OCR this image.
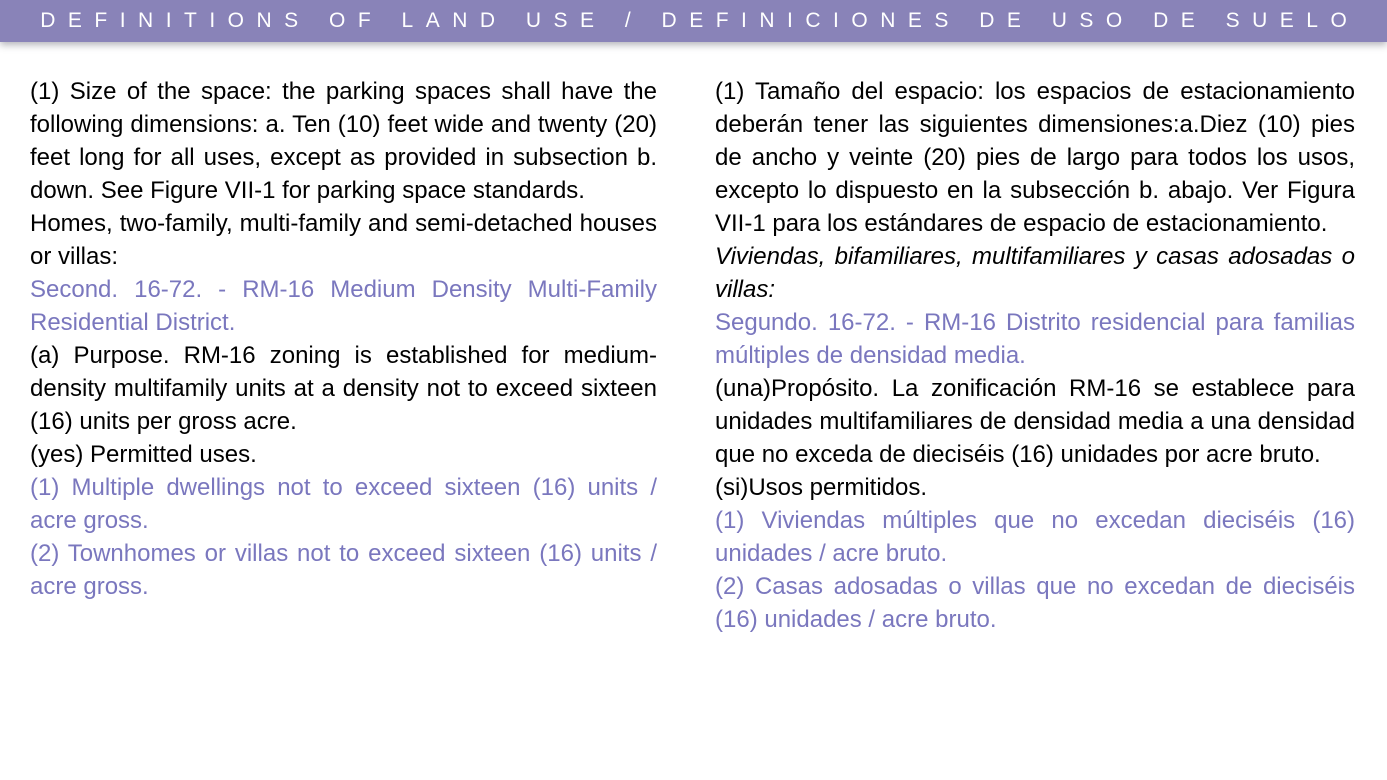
DEFINITIONS OF LAND USE / DEFINICIONES DE USO DE SUELO

(1) Size of the space: the parking spaces shall have the following dimensions: a. Ten (10) feet wide and twenty (20) feet long for all uses, except as provided in subsection b. down. See Figure VII-1 for parking space standards.

Homes, two-family, multi-family and semi-detached houses or villas:

Second. 16-72. - RM-16 Medium Density Multi-Family Residential District.

(a) Purpose. RM-16 zoning is established for medium-density multifamily units at a density not to exceed sixteen (16) units per gross acre.

(yes) Permitted uses.

(1) Multiple dwellings not to exceed sixteen (16) units / acre gross.

(2) Townhomes or villas not to exceed sixteen (16) units / acre gross.

(1) Tamaño del espacio: los espacios de estacionamiento deberán tener las siguientes dimensiones:a.Diez (10) pies de ancho y veinte (20) pies de largo para todos los usos, excepto lo dispuesto en la subsección b. abajo. Ver Figura VII-1 para los estándares de espacio de estacionamiento.

Viviendas, bifamiliares, multifamiliares y casas adosadas o villas:

Segundo. 16-72. - RM-16 Distrito residencial para familias múltiples de densidad media.

(una)Propósito. La zonificación RM-16 se establece para unidades multifamiliares de densidad media a una densidad que no exceda de dieciséis (16) unidades por acre bruto.

(si)Usos permitidos.

(1) Viviendas múltiples que no excedan dieciséis (16) unidades / acre bruto.

(2) Casas adosadas o villas que no excedan de dieciséis (16) unidades / acre bruto.
